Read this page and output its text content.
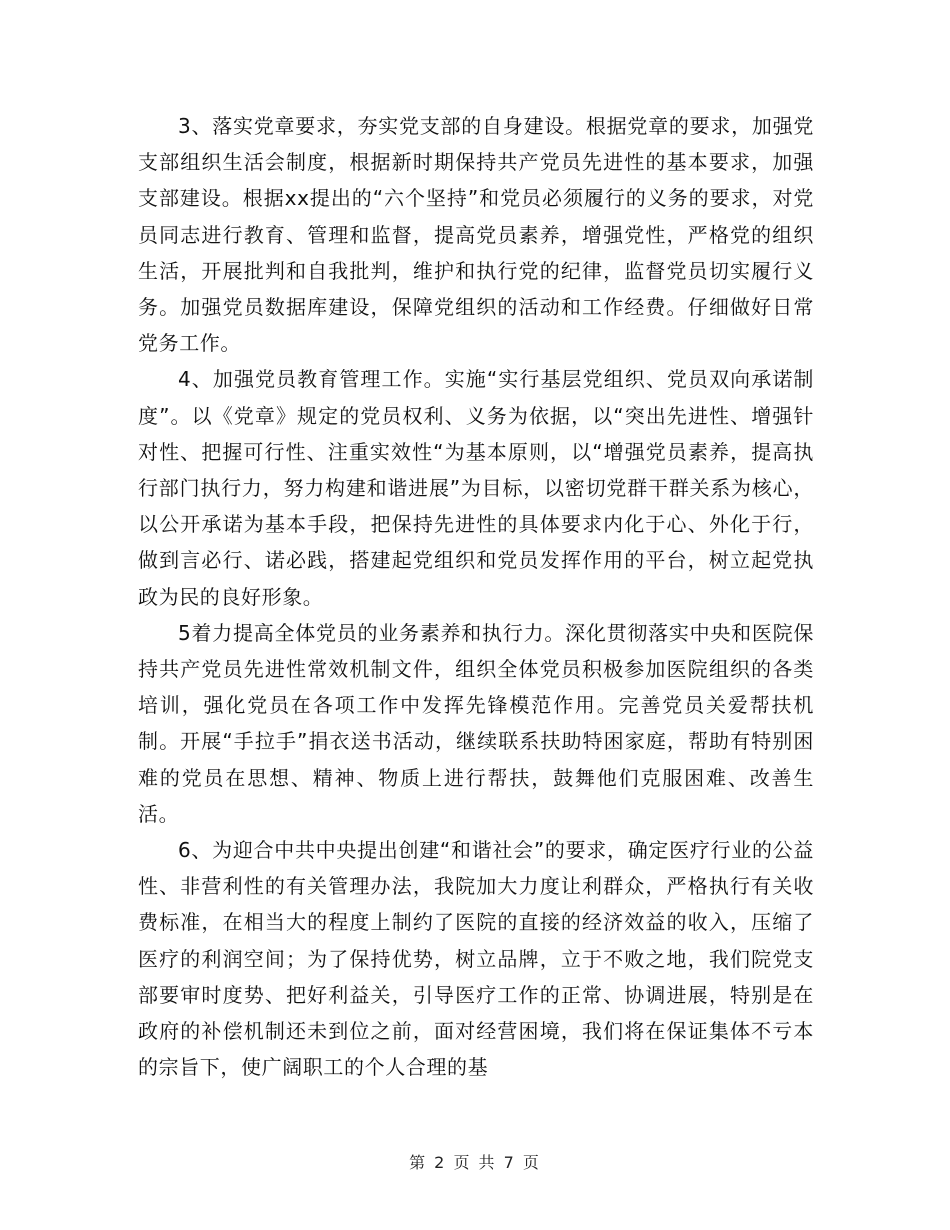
3、落实党章要求，夯实党支部的自身建设。根据党章的要求，加强党支部组织生活会制度，根据新时期保持共产党员先进性的基本要求，加强支部建设。根据xx提出的“六个坚持”和党员必须履行的义务的要求，对党员同志进行教育、管理和监督，提高党员素养，增强党性，严格党的组织生活，开展批判和自我批判，维护和执行党的纪律，监督党员切实履行义务。加强党员数据库建设，保障党组织的活动和工作经费。仔细做好日常党务工作。

4、加强党员教育管理工作。实施“实行基层党组织、党员双向承诺制度”。以《党章》规定的党员权利、义务为依据，以“突出先进性、增强针对性、把握可行性、注重实效性“为基本原则，以“增强党员素养，提高执行部门执行力，努力构建和谐进展”为目标，以密切党群干群关系为核心，以公开承诺为基本手段，把保持先进性的具体要求内化于心、外化于行，做到言必行、诺必践，搭建起党组织和党员发挥作用的平台，树立起党执政为民的良好形象。

5着力提高全体党员的业务素养和执行力。深化贯彻落实中央和医院保持共产党员先进性常效机制文件，组织全体党员积极参加医院组织的各类培训，强化党员在各项工作中发挥先锋模范作用。完善党员关爱帮扶机制。开展“手拉手”捐衣送书活动，继续联系扶助特困家庭，帮助有特别困难的党员在思想、精神、物质上进行帮扶，鼓舞他们克服困难、改善生活。

6、为迎合中共中央提出创建“和谐社会”的要求，确定医疗行业的公益性、非营利性的有关管理办法，我院加大力度让利群众，严格执行有关收费标准，在相当大的程度上制约了医院的直接的经济效益的收入，压缩了医疗的利润空间；为了保持优势，树立品牌，立于不败之地，我们院党支部要审时度势、把好利益关，引导医疗工作的正常、协调进展，特别是在政府的补偿机制还未到位之前，面对经营困境，我们将在保证集体不亏本的宗旨下，使广阔职工的个人合理的基

第 2 页 共 7 页
